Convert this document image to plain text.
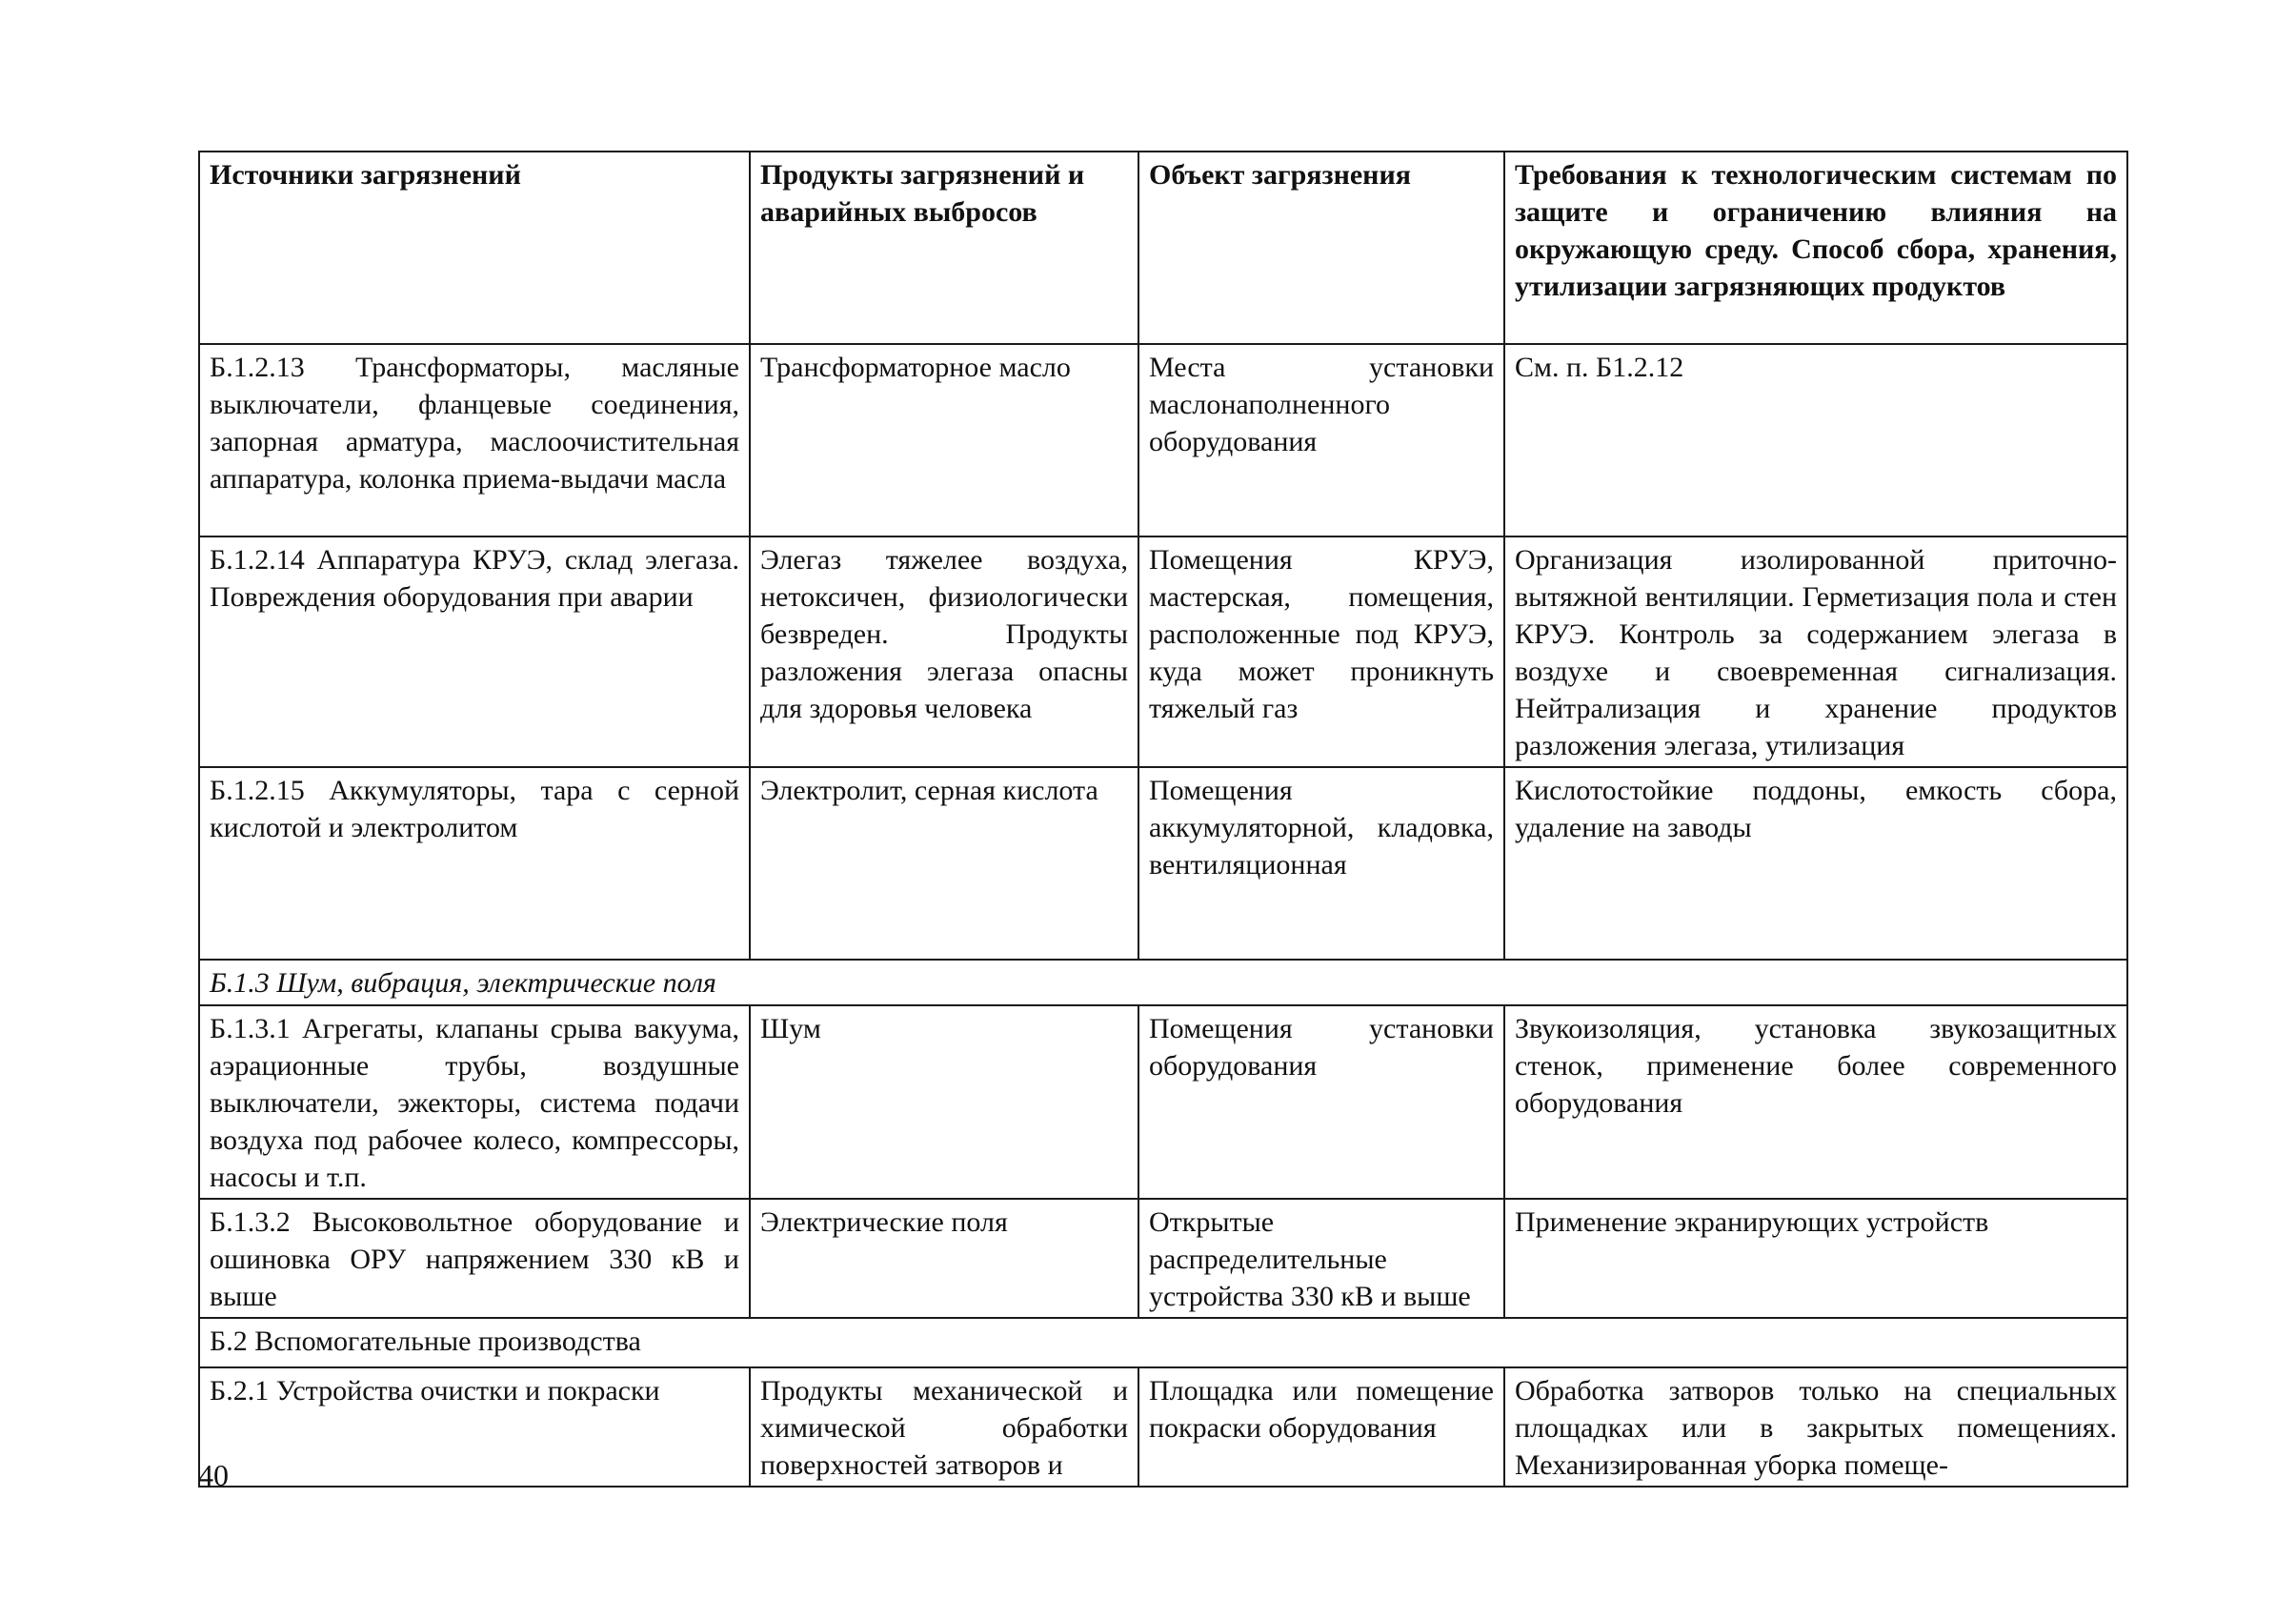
Источники загрязнений	Продукты загрязнений и аварийных выбросов	Объект загрязнения	Требования к технологическим системам по защите и ограничению влияния на окружающую среду. Способ сбора, хранения, утилизации загрязняющих продуктов
Б.1.2.13 Трансформаторы, масляные выключатели, фланцевые соединения, запорная арматура, маслоочистительная аппаратура, колонка приема-выдачи масла	Трансформаторное масло	Места установки маслонаполненного оборудования	См. п. Б1.2.12
Б.1.2.14 Аппаратура КРУЭ, склад элегаза. Повреждения оборудования при аварии	Элегаз тяжелее воздуха, нетоксичен, физиологически безвреден. Продукты разложения элегаза опасны для здоровья человека	Помещения КРУЭ, мастерская, помещения, расположенные под КРУЭ, куда может проникнуть тяжелый газ	Организация изолированной приточно-вытяжной вентиляции. Герметизация пола и стен КРУЭ. Контроль за содержанием элегаза в воздухе и своевременная сигнализация. Нейтрализация и хранение продуктов разложения элегаза, утилизация
Б.1.2.15 Аккумуляторы, тара с серной кислотой и электролитом	Электролит, серная кислота	Помещения аккумуляторной, кладовка, вентиляционная	Кислотостойкие поддоны, емкость сбора, удаление на заводы
Б.1.3 Шум, вибрация, электрические поля			
Б.1.3.1 Агрегаты, клапаны срыва вакуума, аэрационные трубы, воздушные выключатели, эжекторы, система подачи воздуха под рабочее колесо, компрессоры, насосы и т.п.	Шум	Помещения установки оборудования	Звукоизоляция, установка звукозащитных стенок, применение более современного оборудования
Б.1.3.2 Высоковольтное оборудование и ошиновка ОРУ напряжением 330 кВ и выше	Электрические поля	Открытые распределительные устройства 330 кВ и выше	Применение экранирующих устройств
Б.2 Вспомогательные производства			
Б.2.1 Устройства очистки и покраски	Продукты механической и химической обработки поверхностей затворов и	Площадка или помещение покраски оборудования	Обработка затворов только на специальных площадках или в закрытых помещениях. Механизированная уборка помеще-
40
